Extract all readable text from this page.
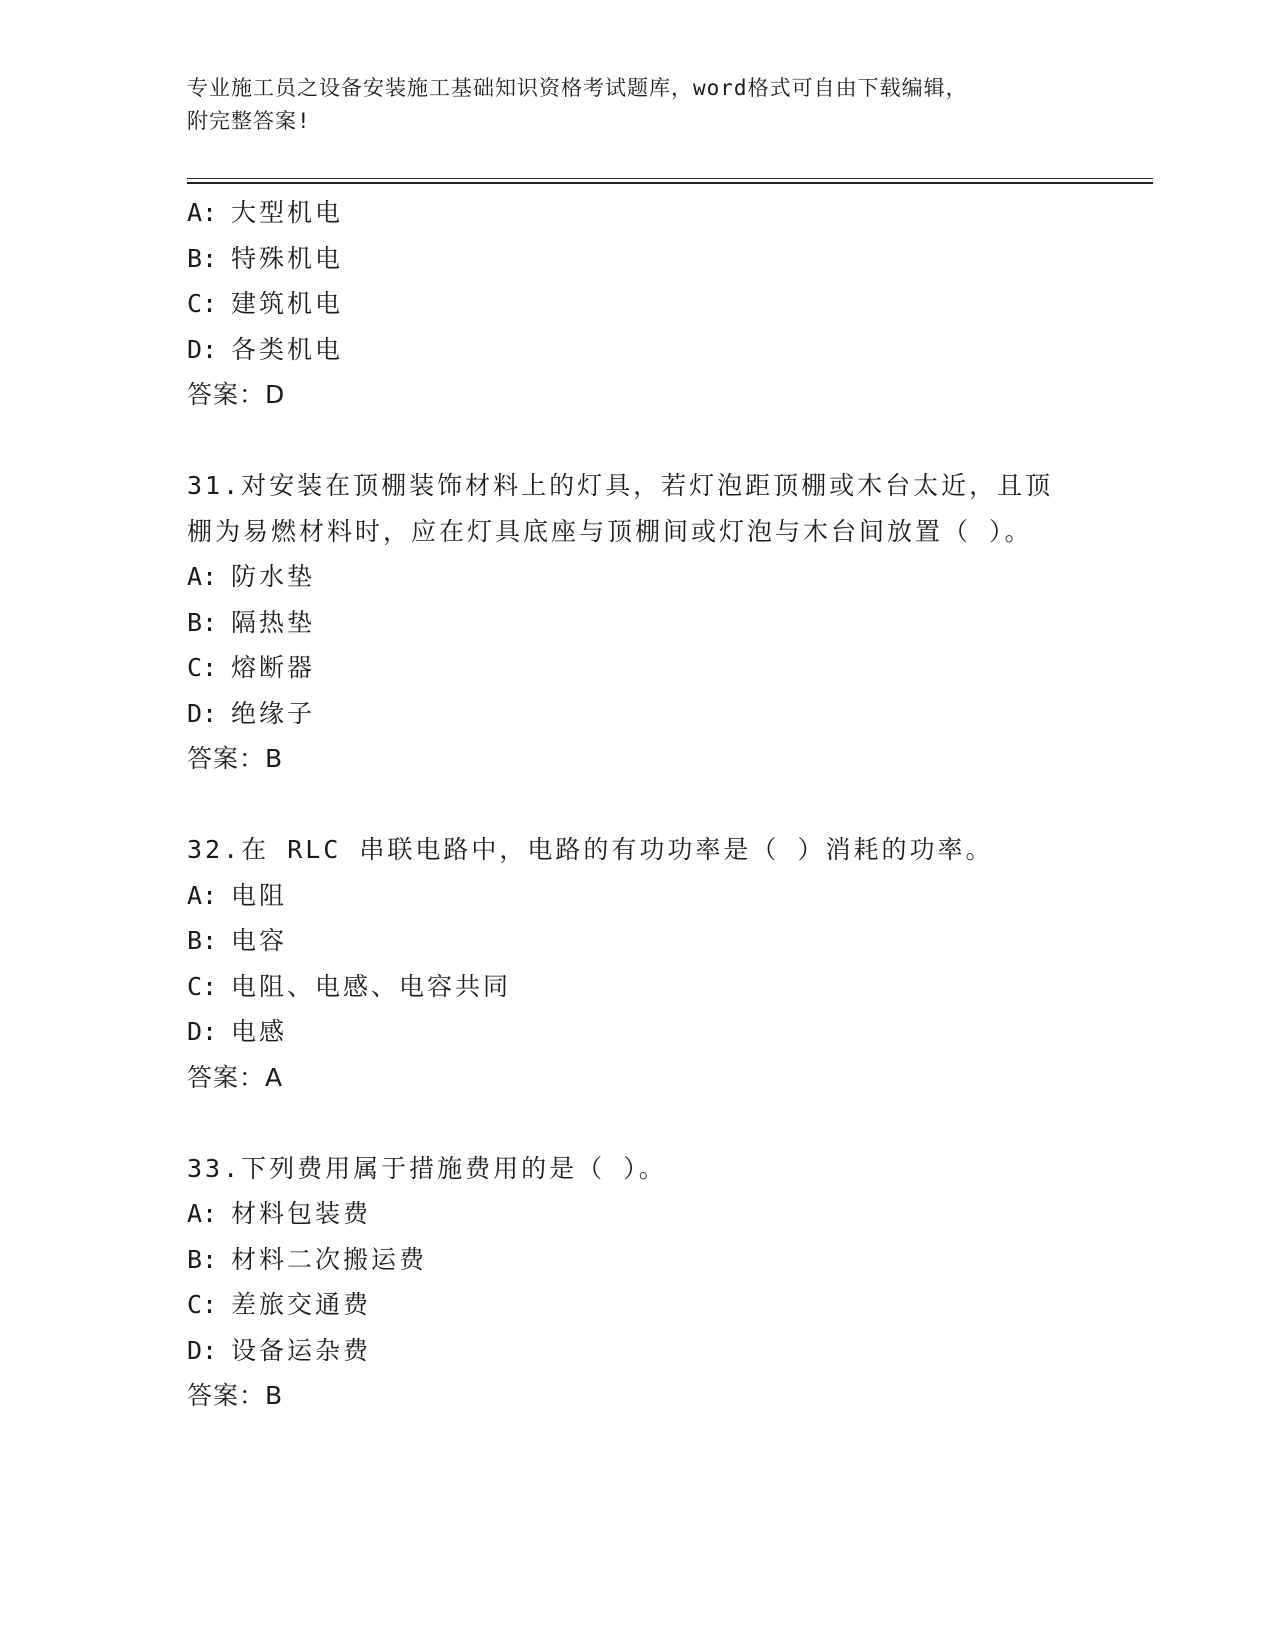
专业施工员之设备安装施工基础知识资格考试题库，word格式可自由下载编辑，
附完整答案!
A: 大型机电
B: 特殊机电
C: 建筑机电
D: 各类机电
答案：D
31.对安装在顶棚装饰材料上的灯具，若灯泡距顶棚或木台太近，且顶
棚为易燃材料时，应在灯具底座与顶棚间或灯泡与木台间放置（ ）。
A: 防水垫
B: 隔热垫
C: 熔断器
D: 绝缘子
答案：B
32.在 RLC 串联电路中，电路的有功功率是（ ）消耗的功率。
A: 电阻
B: 电容
C: 电阻、电感、电容共同
D: 电感
答案：A
33.下列费用属于措施费用的是（ ）。
A: 材料包装费
B: 材料二次搬运费
C: 差旅交通费
D: 设备运杂费
答案：B
